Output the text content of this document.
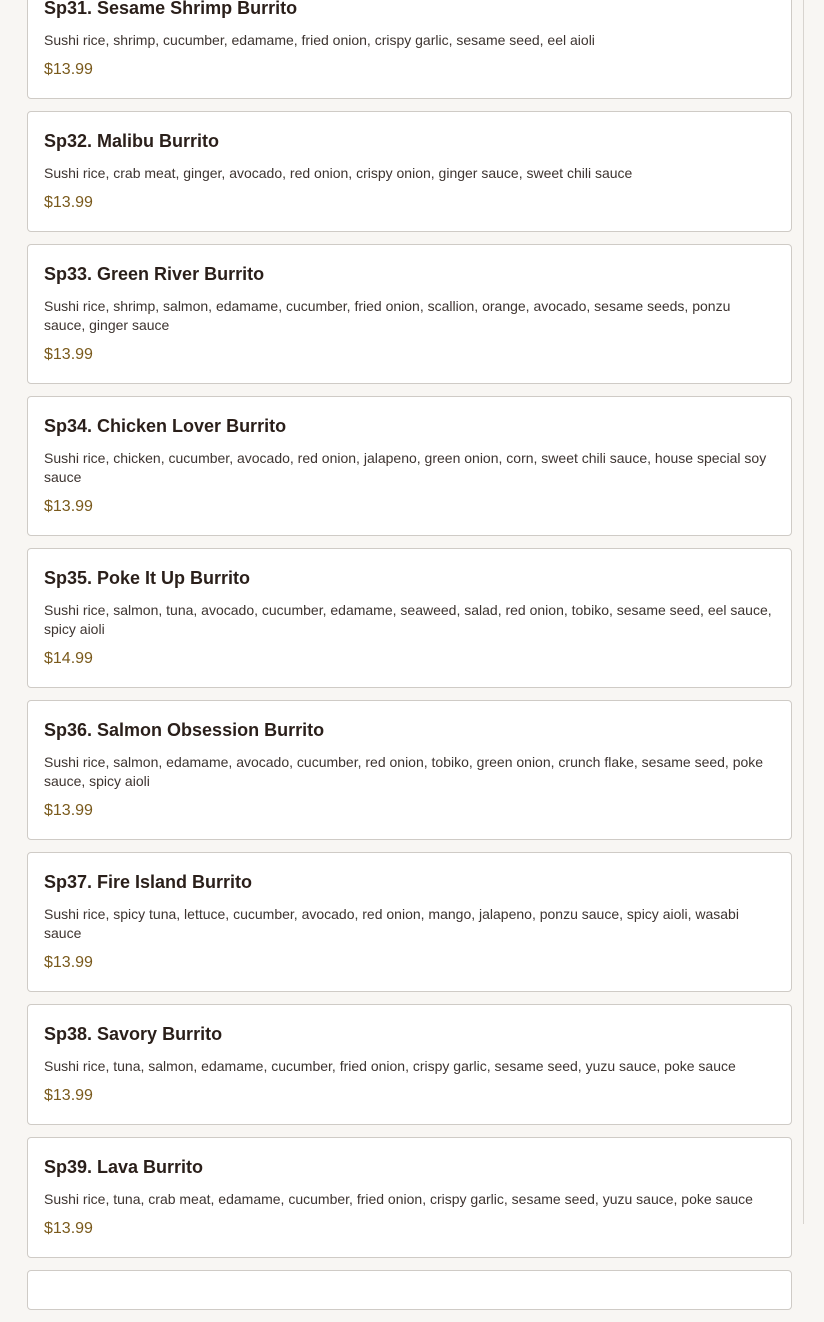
Sp31. Sesame Shrimp Burrito
Sushi rice, shrimp, cucumber, edamame, fried onion, crispy garlic, sesame seed, eel aioli
$13.99
Sp32. Malibu Burrito
Sushi rice, crab meat, ginger, avocado, red onion, crispy onion, ginger sauce, sweet chili sauce
$13.99
Sp33. Green River Burrito
Sushi rice, shrimp, salmon, edamame, cucumber, fried onion, scallion, orange, avocado, sesame seeds, ponzu sauce, ginger sauce
$13.99
Sp34. Chicken Lover Burrito
Sushi rice, chicken, cucumber, avocado, red onion, jalapeno, green onion, corn, sweet chili sauce, house special soy sauce
$13.99
Sp35. Poke It Up Burrito
Sushi rice, salmon, tuna, avocado, cucumber, edamame, seaweed, salad, red onion, tobiko, sesame seed, eel sauce, spicy aioli
$14.99
Sp36. Salmon Obsession Burrito
Sushi rice, salmon, edamame, avocado, cucumber, red onion, tobiko, green onion, crunch flake, sesame seed, poke sauce, spicy aioli
$13.99
Sp37. Fire Island Burrito
Sushi rice, spicy tuna, lettuce, cucumber, avocado, red onion, mango, jalapeno, ponzu sauce, spicy aioli, wasabi sauce
$13.99
Sp38. Savory Burrito
Sushi rice, tuna, salmon, edamame, cucumber, fried onion, crispy garlic, sesame seed, yuzu sauce, poke sauce
$13.99
Sp39. Lava Burrito
Sushi rice, tuna, crab meat, edamame, cucumber, fried onion, crispy garlic, sesame seed, yuzu sauce, poke sauce
$13.99
